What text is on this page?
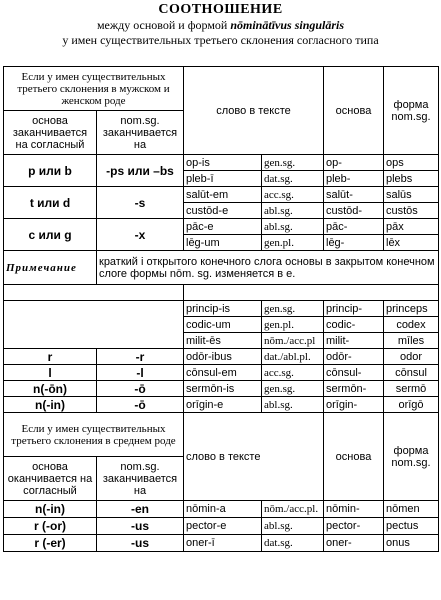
СООТНОШЕНИЕ
между основой и формой nōminātīvus singulāris
у имен существительных третьего склонения согласного типа
Если у имен существительных третьего склонения в мужском и женском роде		слово в тексте		основа	форма nom.sg.
основа заканчивается на согласный	nom.sg. заканчивается на				
p или b	-ps или –bs	op-is	gen.sg.	op-	ops
		pleb-ī	dat.sg.	pleb-	plebs
t или d	-s	salūt-em	acc.sg.	salūt-	salūs
		custōd-e	abl.sg.	custōd-	custōs
c или g	-x	pāc-e	abl.sg.	pāc-	pāx
		lēg-um	gen.pl.	lēg-	lēx
Примечание	краткий i открытого конечного слога основы в закрытом конечном слоге формы nōm. sg. изменяется в e.				

		princip-is	gen.sg.	princip-	princeps
		codic-um	gen.pl.	codic-	codex
		milit-ēs	nōm./acc.pl	milit-	mīles
r	-r	odōr-ibus	dat./abl.pl.	odōr-	odor
l	-l	cōnsul-em	acc.sg.	cōnsul-	cōnsul
n(-ōn)	-ō	sermōn-is	gen.sg.	sermōn-	sermō
n(-in)	-ō	orīgin-e	abl.sg.	orīgin-	orīgō
Если у имен существительных третьего склонения в среднем роде		слово в тексте		основа	форма nom.sg.
основа оканчивается на согласный	nom.sg. заканчивается на				
n(-in)	-en	nōmin-a	nōm./acc.pl.	nōmin-	nōmen
r (-or)	-us	pector-e	abl.sg.	pector-	pectus
r (-er)	-us	oner-ī	dat.sg.	oner-	onus
